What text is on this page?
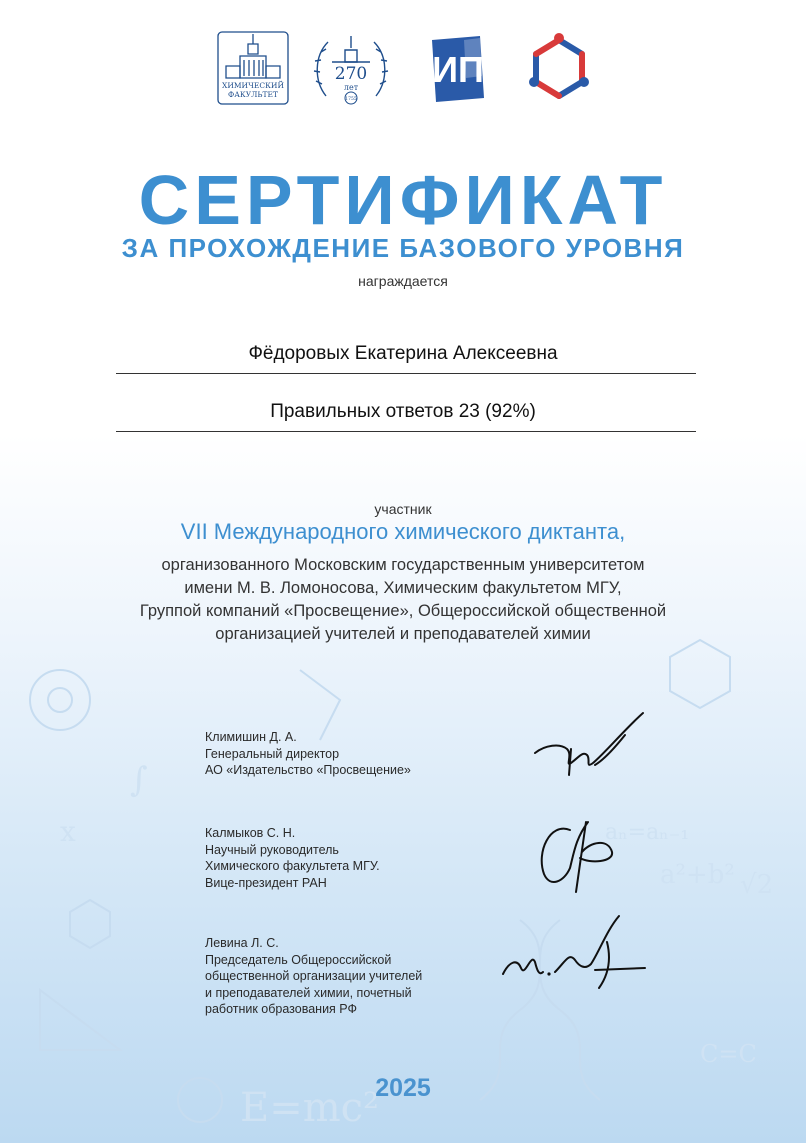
E=mc²
a²+b²
aₙ=aₙ₋₁
C=C
√2
∫
x
ХИМИЧЕСКИЙ
ФАКУЛЬТЕТ
270
лет
1755
ИП
СЕРТИФИКАТ
ЗА ПРОХОЖДЕНИЕ БАЗОВОГО УРОВНЯ
награждается
Фёдоровых Екатерина Алексеевна
Правильных ответов 23 (92%)
участник
VII Международного химического диктанта,
организованного Московским государственным университетом
имени М. В. Ломоносова, Химическим факультетом МГУ,
Группой компаний «Просвещение», Общероссийской общественной
организацией учителей и преподавателей химии
Климишин Д. А.
Генеральный директор
АО «Издательство «Просвещение»
Калмыков С. Н.
Научный руководитель
Химического факультета МГУ.
Вице-президент РАН
Левина Л. С.
Председатель Общероссийской
общественной организации учителей
и преподавателей химии, почетный
работник образования РФ
2025
